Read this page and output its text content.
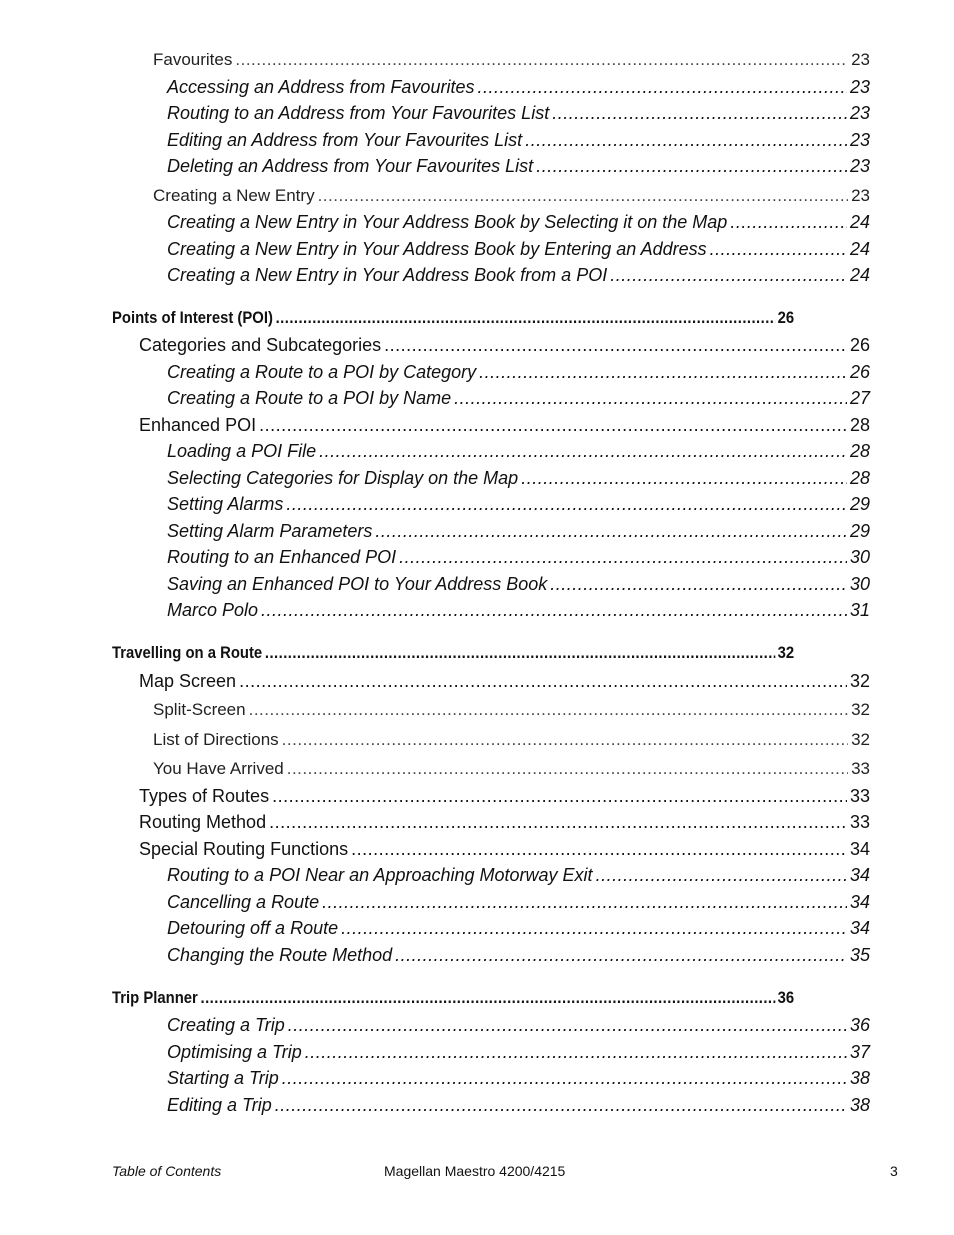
Favourites .....	23
Accessing an Address from Favourites .....	23
Routing to an Address from Your Favourites List .....	23
Editing an Address from Your Favourites List .....	23
Deleting an Address from Your Favourites List .....	23
Creating a New Entry .....	23
Creating a New Entry in Your Address Book by Selecting it on the Map .....	24
Creating a New Entry in Your Address Book by Entering an Address .....	24
Creating a New Entry in Your Address Book from a POI .....	24
Points of Interest (POI) .....	26
Categories and Subcategories .....	26
Creating a Route to a POI by Category .....	26
Creating a Route to a POI by Name .....	27
Enhanced POI .....	28
Loading a POI File .....	28
Selecting Categories for Display on the Map .....	28
Setting Alarms .....	29
Setting Alarm Parameters .....	29
Routing to an Enhanced POI .....	30
Saving an Enhanced POI to Your Address Book .....	30
Marco Polo .....	31
Travelling on a Route .....	32
Map Screen .....	32
Split-Screen .....	32
List of Directions .....	32
You Have Arrived .....	33
Types of Routes .....	33
Routing Method .....	33
Special Routing Functions .....	34
Routing to a POI Near an Approaching Motorway Exit .....	34
Cancelling a Route .....	34
Detouring off a Route .....	34
Changing the Route Method .....	35
Trip Planner .....	36
Creating a Trip .....	36
Optimising a Trip .....	37
Starting a Trip .....	38
Editing a Trip .....	38
Table of Contents	Magellan Maestro 4200/4215	3
